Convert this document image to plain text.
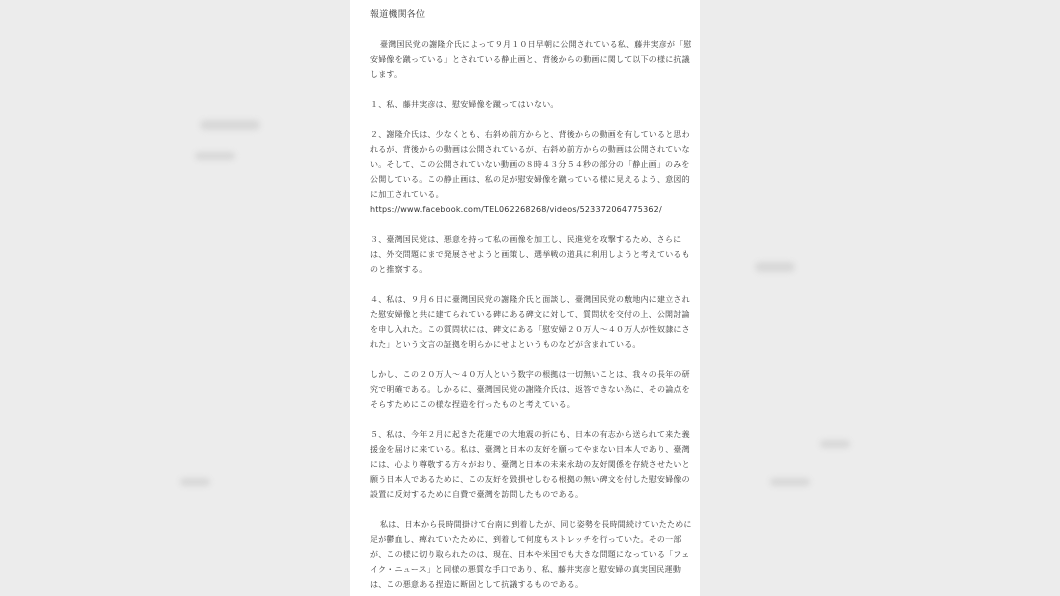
報道機関各位

臺灣国民党の謝隆介氏によって９月１０日早朝に公開されている私、藤井実彦が「慰安婦像を蹴っている」とされている静止画と、背後からの動画に関して以下の様に抗議します。

１、私、藤井実彦は、慰安婦像を蹴ってはいない。

２、謝隆介氏は、少なくとも、右斜め前方からと、背後からの動画を有していると思われるが、背後からの動画は公開されているが、右斜め前方からの動画は公開されていない。そして、この公開されていない動画の８時４３分５４秒の部分の「静止画」のみを公開している。この静止画は、私の足が慰安婦像を蹴っている様に見えるよう、意図的に加工されている。

https://www.facebook.com/TEL062268268/videos/523372064775362/

３、臺灣国民党は、悪意を持って私の画像を加工し、民進党を攻撃するため、さらには、外交問題にまで発展させようと画策し、選挙戦の道具に利用しようと考えているものと推察する。

４、私は、９月６日に臺灣国民党の謝隆介氏と面談し、臺灣国民党の敷地内に建立された慰安婦像と共に建てられている碑にある碑文に対して、質問状を交付の上、公開討論を申し入れた。この質問状には、碑文にある「慰安婦２０万人～４０万人が性奴隷にされた」という文言の証拠を明らかにせよというものなどが含まれている。

しかし、この２０万人～４０万人という数字の根拠は一切無いことは、我々の長年の研究で明確である。しかるに、臺灣国民党の謝隆介氏は、返答できない為に、その論点をそらすためにこの様な捏造を行ったものと考えている。

５、私は、今年２月に起きた花蓮での大地震の折にも、日本の有志から送られて来た義援金を届けに来ている。私は、臺灣と日本の友好を願ってやまない日本人であり、臺灣には、心より尊敬する方々がおり、臺灣と日本の未来永劫の友好関係を存続させたいと願う日本人であるために、この友好を毀損せしむる根拠の無い碑文を付した慰安婦像の設置に反対するために自費で臺灣を訪問したものである。

私は、日本から長時間掛けて台南に到着したが、同じ姿勢を長時間続けていたために足が鬱血し、痺れていたために、到着して何度もストレッチを行っていた。その一部が、この様に切り取られたのは、現在、日本や米国でも大きな問題になっている「フェイク・ニュース」と同様の悪質な手口であり、私、藤井実彦と慰安婦の真実国民運動は、この悪意ある捏造に断固として抗議するものである。
